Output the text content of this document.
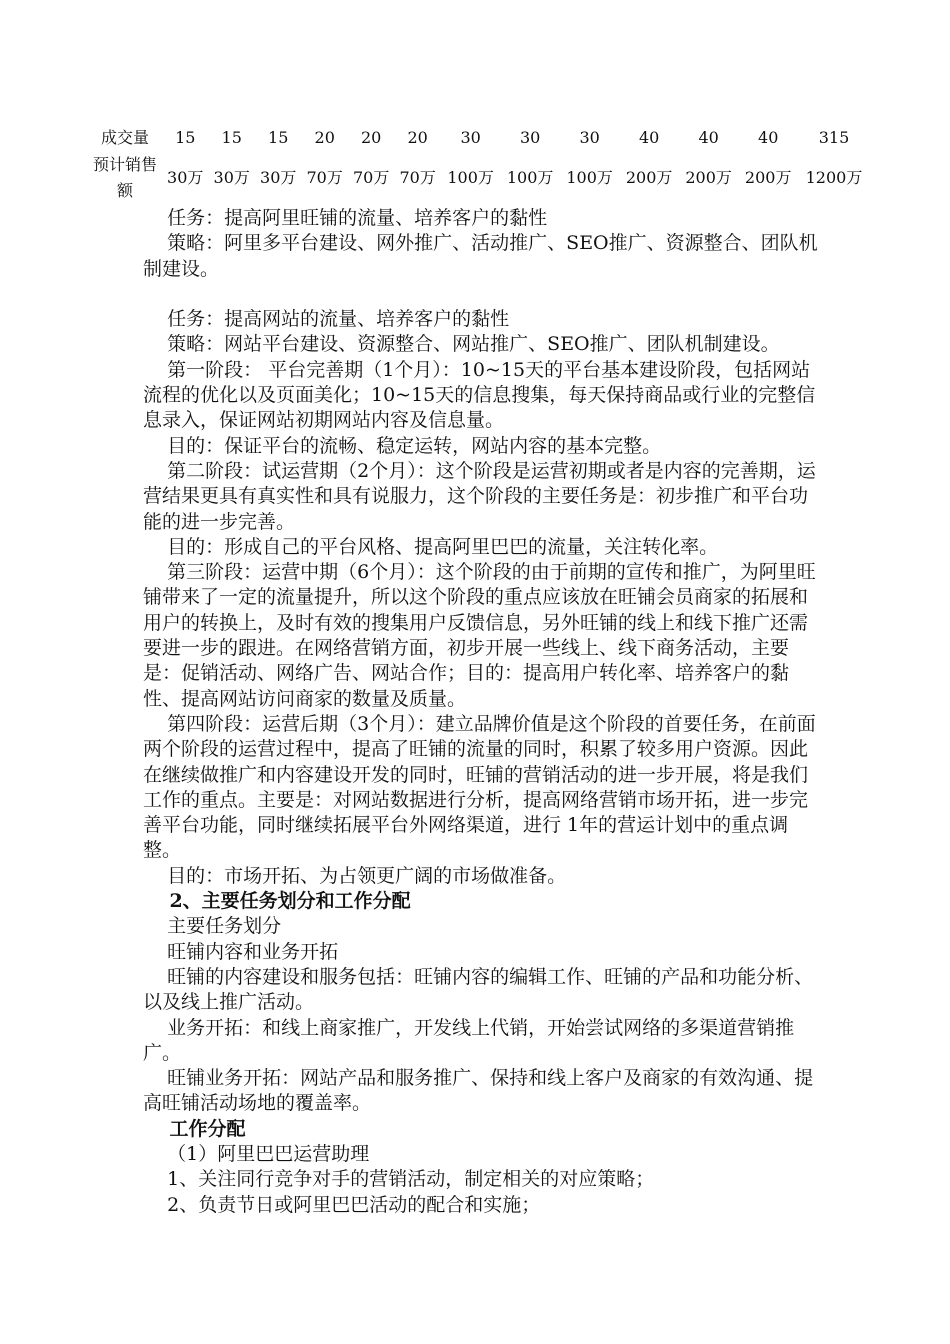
成交量	15	15	15	20	20	20	30	30	30	40	40	40	315
预计销售额	30万	30万	30万	70万	70万	70万	100万	100万	100万	200万	200万	200万	1200万

任务：提高阿里旺铺的流量、培养客户的黏性

策略：阿里多平台建设、网外推广、活动推广、SEO推广、资源整合、团队机制建设。

任务：提高网站的流量、培养客户的黏性

策略：网站平台建设、资源整合、网站推广、SEO推广、团队机制建设。

第一阶段： 平台完善期（1个月）：10~15天的平台基本建设阶段，包括网站流程的优化以及页面美化；10~15天的信息搜集，每天保持商品或行业的完整信息录入，保证网站初期网站内容及信息量。

目的：保证平台的流畅、稳定运转，网站内容的基本完整。

第二阶段：试运营期（2个月）：这个阶段是运营初期或者是内容的完善期，运营结果更具有真实性和具有说服力，这个阶段的主要任务是：初步推广和平台功能的进一步完善。

目的：形成自己的平台风格、提高阿里巴巴的流量，关注转化率。

第三阶段：运营中期（6个月）：这个阶段的由于前期的宣传和推广，为阿里旺铺带来了一定的流量提升，所以这个阶段的重点应该放在旺铺会员商家的拓展和用户的转换上，及时有效的搜集用户反馈信息，另外旺铺的线上和线下推广还需要进一步的跟进。在网络营销方面，初步开展一些线上、线下商务活动，主要是：促销活动、网络广告、网站合作；目的：提高用户转化率、培养客户的黏性、提高网站访问商家的数量及质量。

第四阶段：运营后期（3个月）：建立品牌价值是这个阶段的首要任务，在前面两个阶段的运营过程中，提高了旺铺的流量的同时，积累了较多用户资源。因此在继续做推广和内容建设开发的同时，旺铺的营销活动的进一步开展，将是我们工作的重点。主要是：对网站数据进行分析，提高网络营销市场开拓，进一步完善平台功能，同时继续拓展平台外网络渠道，进行 1年的营运计划中的重点调整。

目的：市场开拓、为占领更广阔的市场做准备。

2、主要任务划分和工作分配

主要任务划分

旺铺内容和业务开拓

旺铺的内容建设和服务包括：旺铺内容的编辑工作、旺铺的产品和功能分析、以及线上推广活动。

业务开拓：和线上商家推广，开发线上代销，开始尝试网络的多渠道营销推广。

旺铺业务开拓：网站产品和服务推广、保持和线上客户及商家的有效沟通、提高旺铺活动场地的覆盖率。

工作分配

（1）阿里巴巴运营助理

1、关注同行竞争对手的营销活动，制定相关的对应策略；

2、负责节日或阿里巴巴活动的配合和实施；
